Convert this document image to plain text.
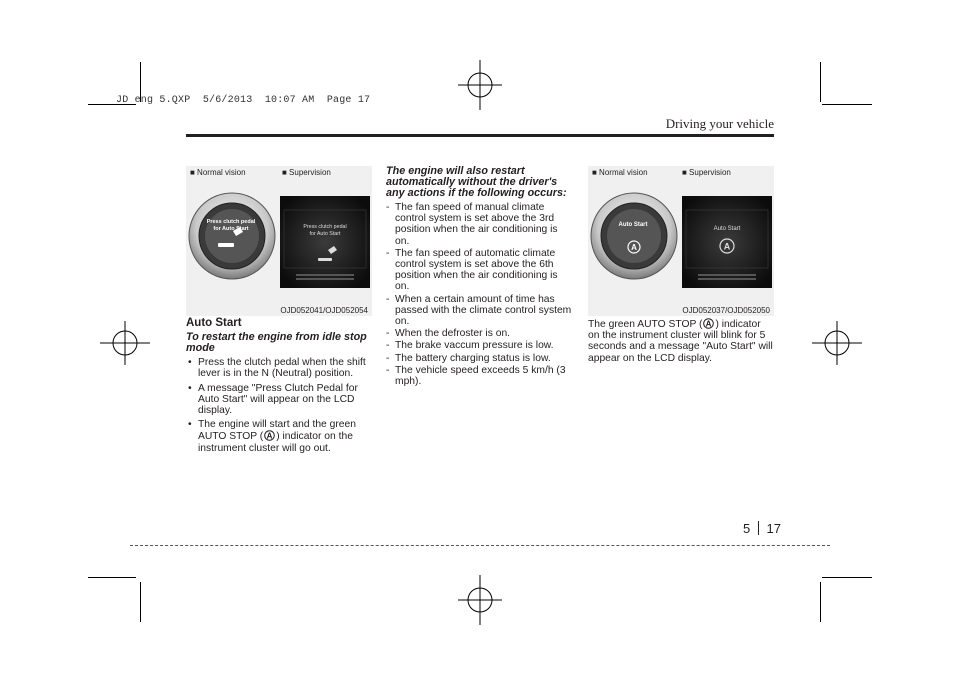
JD eng 5.QXP  5/6/2013  10:07 AM  Page 17
Driving your vehicle
■ Normal vision	■ Supervision
Press clutch pedal
for Auto Start	Press clutch pedal
for Auto Start
OJD052041/OJD052054
■ Normal vision	■ Supervision
A
Auto Start
A
Auto Start
OJD052037/OJD052050
Auto Start
To restart the engine from idle stop mode
• Press the clutch pedal when the shift lever is in the N (Neutral) position.
• A message "Press Clutch Pedal for Auto Start" will appear on the LCD display.
• The engine will start and the green AUTO STOP ( A ) indicator on the instrument cluster will go out.
The engine will also restart automatically without the driver's any actions if the following occurs:
- The fan speed of manual climate control system is set above the 3rd position when the air conditioning is on.
- The fan speed of automatic climate control system is set above the 6th position when the air conditioning is on.
- When a certain amount of time has passed with the climate control system on.
- When the defroster is on.
- The brake vaccum pressure is low.
- The battery charging status is low.
- The vehicle speed exceeds 5 km/h (3 mph).
The green AUTO STOP ( A ) indicator on the instrument cluster will blink for 5 seconds and a message "Auto Start" will appear on the LCD display.
5 17
